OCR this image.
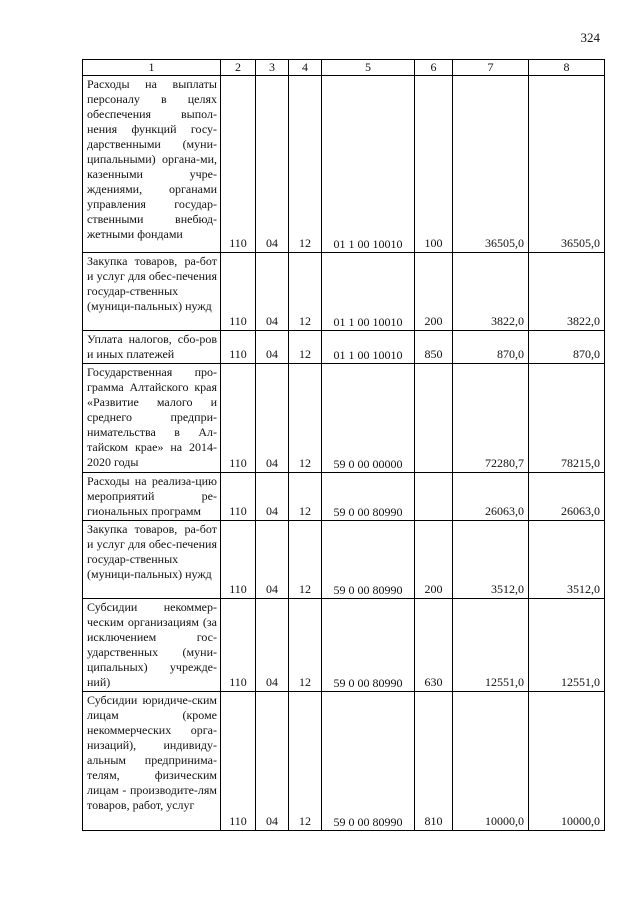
324
1	2	3	4	5	6	7	8
Расходы на выплаты персоналу в целях обеспечения выпол-нения функций госу-дарственными (муни-ципальными) органа-ми, казенными учре-ждениями, органами управления государ-ственными внебюд-жетными фондами	110	04	12	01 1 00 10010	100	36505,0	36505,0
Закупка товаров, ра-бот и услуг для обес-печения государ-ственных (муници-пальных) нужд	110	04	12	01 1 00 10010	200	3822,0	3822,0
Уплата налогов, сбо-ров и иных платежей	110	04	12	01 1 00 10010	850	870,0	870,0
Государственная про-грамма Алтайского края «Развитие малого и среднего предпри-нимательства в Ал-тайском крае» на 2014-2020 годы	110	04	12	59 0 00 00000		72280,7	78215,0
Расходы на реализа-цию мероприятий ре-гиональных программ	110	04	12	59 0 00 80990		26063,0	26063,0
Закупка товаров, ра-бот и услуг для обес-печения государ-ственных (муници-пальных) нужд	110	04	12	59 0 00 80990	200	3512,0	3512,0
Субсидии некоммер-ческим организациям (за исключением гос-ударственных (муни-ципальных) учрежде-ний)	110	04	12	59 0 00 80990	630	12551,0	12551,0
Субсидии юридиче-ским лицам (кроме некоммерческих орга-низаций), индивиду-альным предпринима-телям, физическим лицам - производите-лям товаров, работ, услуг	110	04	12	59 0 00 80990	810	10000,0	10000,0
